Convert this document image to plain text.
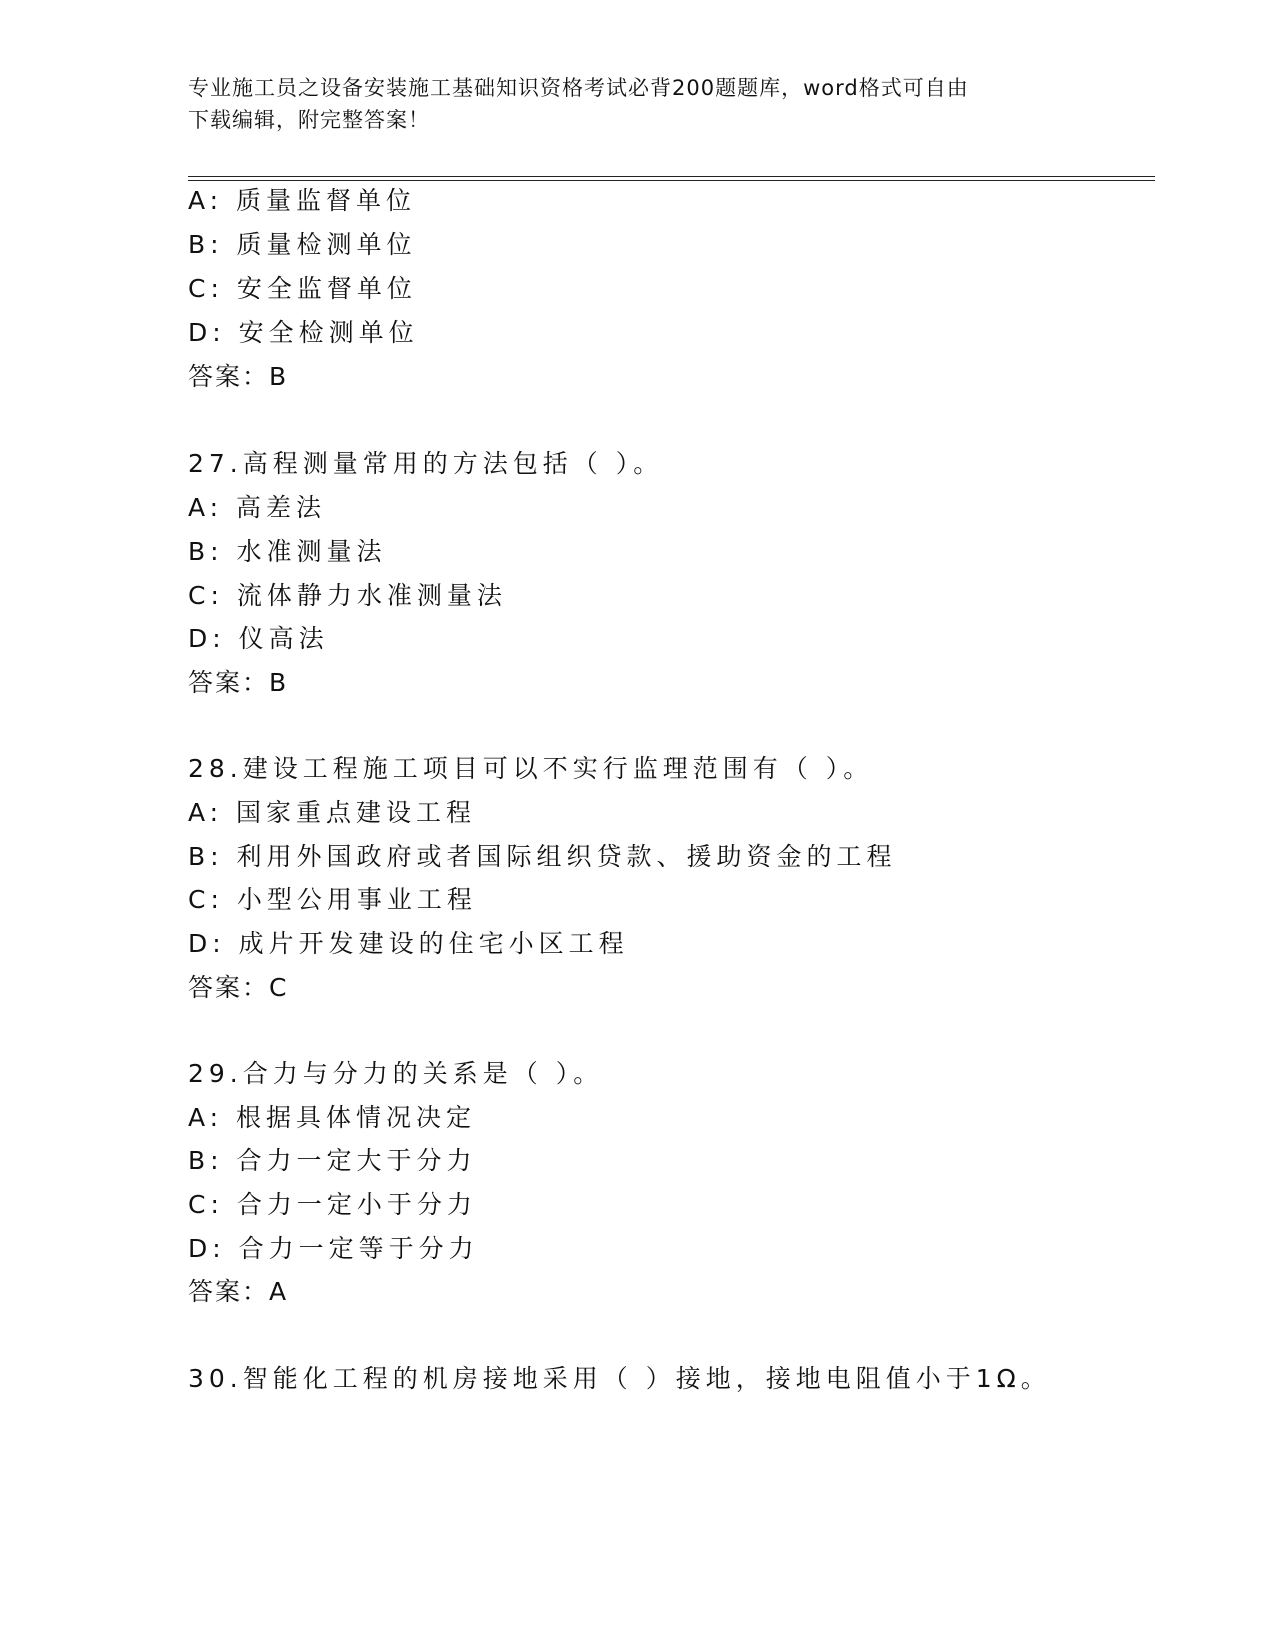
专业施工员之设备安装施工基础知识资格考试必背200题题库，word格式可自由
下载编辑，附完整答案！
A: 质量监督单位
B: 质量检测单位
C: 安全监督单位
D: 安全检测单位
答案：B
27.高程测量常用的方法包括（ ）。
A: 高差法
B: 水准测量法
C: 流体静力水准测量法
D: 仪高法
答案：B
28.建设工程施工项目可以不实行监理范围有（ ）。
A: 国家重点建设工程
B: 利用外国政府或者国际组织贷款、援助资金的工程
C: 小型公用事业工程
D: 成片开发建设的住宅小区工程
答案：C
29.合力与分力的关系是（ ）。
A: 根据具体情况决定
B: 合力一定大于分力
C: 合力一定小于分力
D: 合力一定等于分力
答案：A
30.智能化工程的机房接地采用（ ）接地，接地电阻值小于1Ω。
